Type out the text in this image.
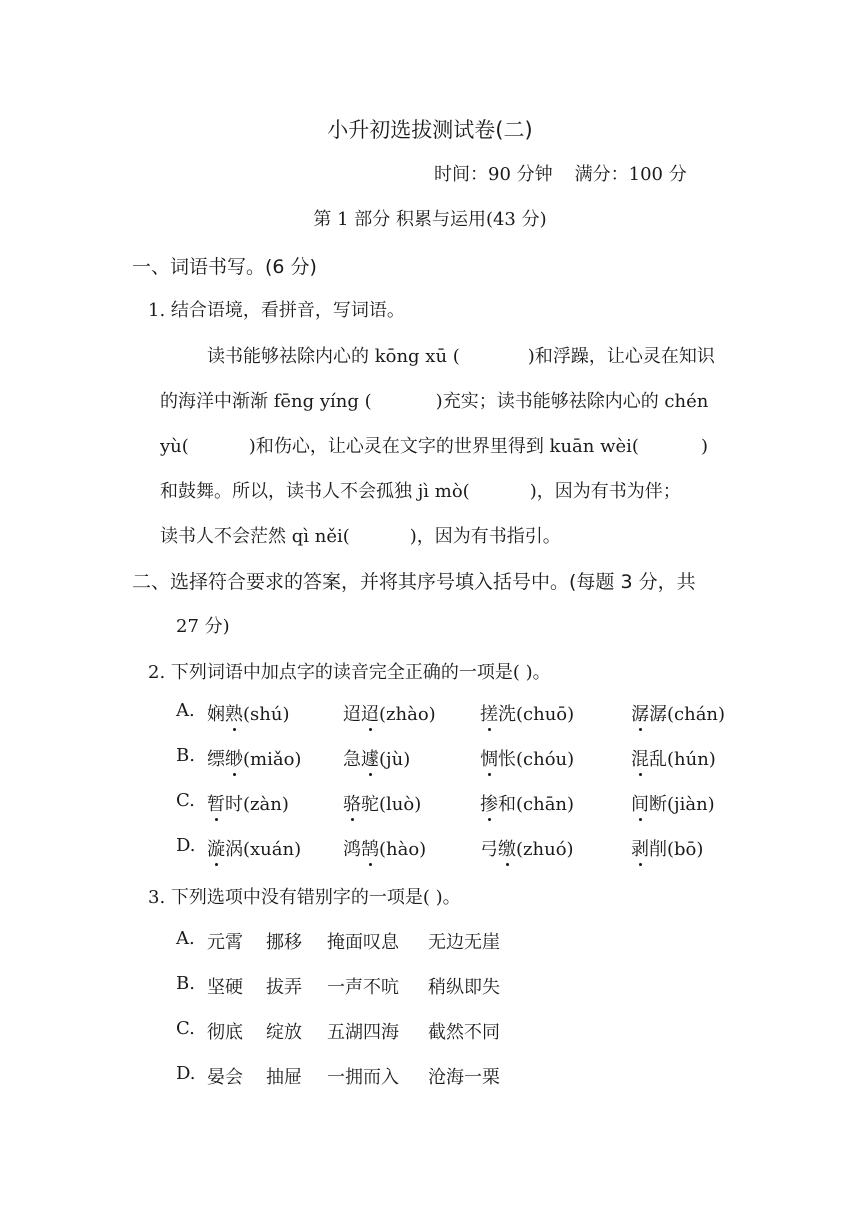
小升初选拔测试卷(二)
时间：90 分钟 满分：100 分
第 1 部分 积累与运用(43 分)
一、词语书写。(6 分)
1. 结合语境，看拼音，写词语。
读书能够祛除内心的 kōng xū (	)和浮躁，让心灵在知识
的海洋中渐渐 fēng yíng (	)充实；读书能够祛除内心的 chén
yù(	)和伤心，让心灵在文字的世界里得到 kuān wèi(	)
和鼓舞。所以，读书人不会孤独 jì mò(	)，因为有书为伴；
读书人不会茫然 qì něi(	)，因为有书指引。
二、选择符合要求的答案，并将其序号填入括号中。(每题 3 分，共
27 分)
2. 下列词语中加点字的读音完全正确的一项是( )。
A. 娴熟(shú)	迢迢(zhào) 搓洗(chuō)	潺潺(chán)
B. 缥缈(miǎo) 急遽(jù)	惆怅(chóu)	混乱(hún)
C. 暂时(zàn)	骆驼(luò)	掺和(chān)	间断(jiàn)
D. 漩涡(xuán) 鸿鹄(hào)	弓缴(zhuó)	剥削(bō)
3. 下列选项中没有错别字的一项是( )。
A. 元霄 挪移 掩面叹息 无边无崖
B. 坚硬 拔弄 一声不吭 稍纵即失
C. 彻底 绽放 五湖四海 截然不同
D. 晏会 抽屉 一拥而入 沧海一栗
